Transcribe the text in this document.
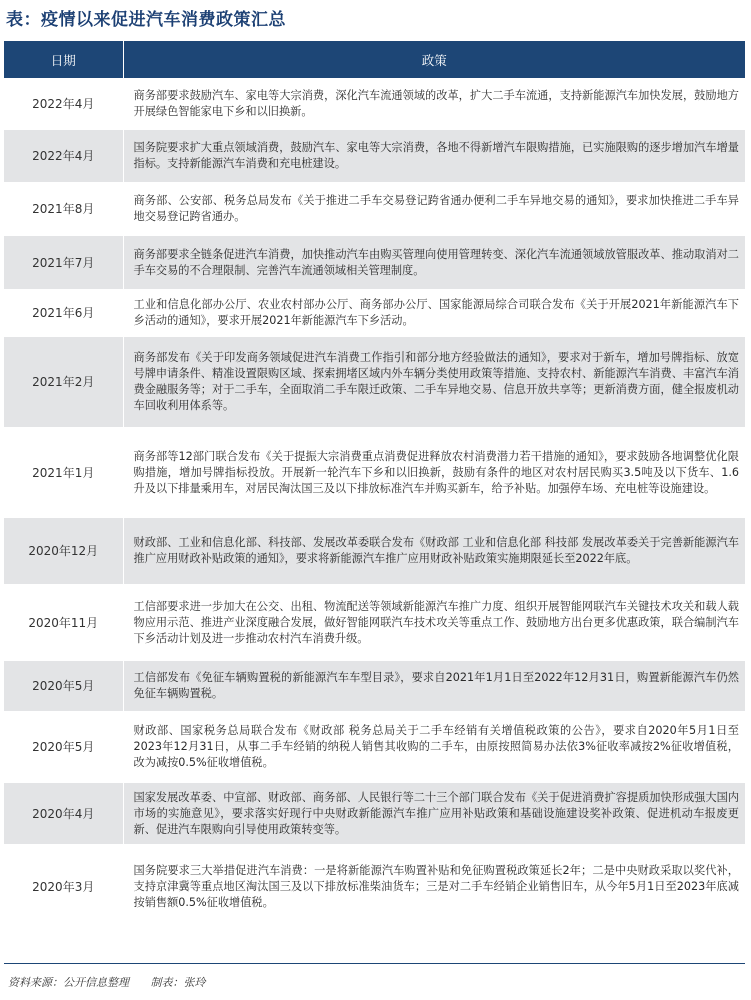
表：疫情以来促进汽车消费政策汇总
日期	政策
2022年4月	商务部要求鼓励汽车、家电等大宗消费，深化汽车流通领域的改革，扩大二手车流通，支持新能源汽车加快发展，鼓励地方开展绿色智能家电下乡和以旧换新。
2022年4月	国务院要求扩大重点领域消费，鼓励汽车、家电等大宗消费，各地不得新增汽车限购措施，已实施限购的逐步增加汽车增量指标。支持新能源汽车消费和充电桩建设。
2021年8月	商务部、公安部、税务总局发布《关于推进二手车交易登记跨省通办便利二手车异地交易的通知》，要求加快推进二手车异地交易登记跨省通办。
2021年7月	商务部要求全链条促进汽车消费，加快推动汽车由购买管理向使用管理转变、深化汽车流通领域放管服改革、推动取消对二手车交易的不合理限制、完善汽车流通领域相关管理制度。
2021年6月	工业和信息化部办公厅、农业农村部办公厅、商务部办公厅、国家能源局综合司联合发布《关于开展2021年新能源汽车下乡活动的通知》，要求开展2021年新能源汽车下乡活动。
2021年2月	商务部发布《关于印发商务领域促进汽车消费工作指引和部分地方经验做法的通知》，要求对于新车，增加号牌指标、放宽号牌申请条件、精准设置限购区域、探索拥堵区域内外车辆分类使用政策等措施、支持农村、新能源汽车消费、丰富汽车消费金融服务等；对于二手车，全面取消二手车限迁政策、二手车异地交易、信息开放共享等；更新消费方面，健全报废机动车回收利用体系等。
2021年1月	商务部等12部门联合发布《关于提振大宗消费重点消费促进释放农村消费潜力若干措施的通知》，要求鼓励各地调整优化限购措施，增加号牌指标投放。开展新一轮汽车下乡和以旧换新，鼓励有条件的地区对农村居民购买3.5吨及以下货车、1.6升及以下排量乘用车，对居民淘汰国三及以下排放标准汽车并购买新车，给予补贴。加强停车场、充电桩等设施建设。
2020年12月	财政部、工业和信息化部、科技部、发展改革委联合发布《财政部 工业和信息化部 科技部 发展改革委关于完善新能源汽车推广应用财政补贴政策的通知》，要求将新能源汽车推广应用财政补贴政策实施期限延长至2022年底。
2020年11月	工信部要求进一步加大在公交、出租、物流配送等领域新能源汽车推广力度、组织开展智能网联汽车关键技术攻关和载人载物应用示范、推进产业深度融合发展，做好智能网联汽车技术攻关等重点工作、鼓励地方出台更多优惠政策，联合编制汽车下乡活动计划及进一步推动农村汽车消费升级。
2020年5月	工信部发布《免征车辆购置税的新能源汽车车型目录》，要求自2021年1月1日至2022年12月31日，购置新能源汽车仍然免征车辆购置税。
2020年5月	财政部、国家税务总局联合发布《财政部 税务总局关于二手车经销有关增值税政策的公告》，要求自2020年5月1日至2023年12月31日，从事二手车经销的纳税人销售其收购的二手车，由原按照简易办法依3%征收率减按2%征收增值税，改为减按0.5%征收增值税。
2020年4月	国家发展改革委、中宣部、财政部、商务部、人民银行等二十三个部门联合发布《关于促进消费扩容提质加快形成强大国内市场的实施意见》，要求落实好现行中央财政新能源汽车推广应用补贴政策和基础设施建设奖补政策、促进机动车报废更新、促进汽车限购向引导使用政策转变等。
2020年3月	国务院要求三大举措促进汽车消费：一是将新能源汽车购置补贴和免征购置税政策延长2年；二是中央财政采取以奖代补，支持京津冀等重点地区淘汰国三及以下排放标准柴油货车；三是对二手车经销企业销售旧车，从今年5月1日至2023年底减按销售额0.5%征收增值税。
资料来源：公开信息整理 制表：张玲
